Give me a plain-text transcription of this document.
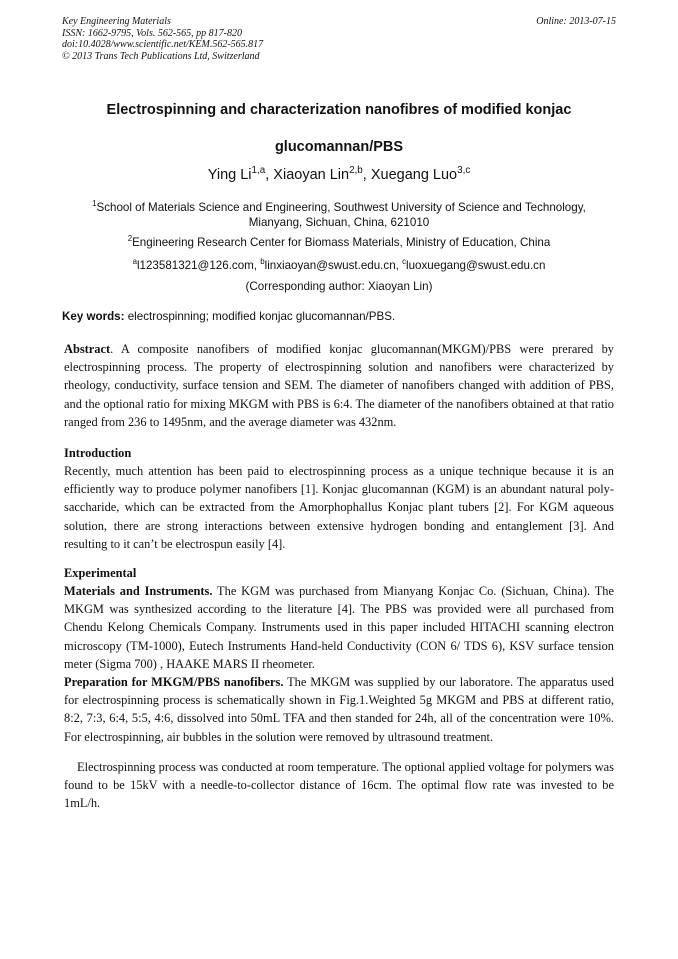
Key Engineering Materials
ISSN: 1662-9795, Vols. 562-565, pp 817-820
doi:10.4028/www.scientific.net/KEM.562-565.817
© 2013 Trans Tech Publications Ltd, Switzerland
Online: 2013-07-15
Electrospinning and characterization nanofibres of modified konjac
glucomannan/PBS
Ying Li$^{1,a}$, Xiaoyan Lin$^{2,b}$, Xuegang Luo$^{3,c}$
$^1$School of Materials Science and Engineering, Southwest University of Science and Technology,
Mianyang, Sichuan, China, 621010
$^2$Engineering Research Center for Biomass Materials, Ministry of Education, China
$^a$l123581321@126.com, $^b$linxiaoyan@swust.edu.cn, $^c$luoxuegang@swust.edu.cn
(Corresponding author: Xiaoyan Lin)
Key words: electrospinning; modified konjac glucomannan/PBS.
Abstract. A composite nanofibers of modified konjac glucomannan(MKGM)/PBS were prerared by electrospinning process. The property of electrospinning solution and nanofibers were characterized by rheology, conductivity, surface tension and SEM. The diameter of nanofibers changed with addition of PBS, and the optional ratio for mixing MKGM with PBS is 6:4. The diameter of the nanofibers obtained at that ratio ranged from 236 to 1495nm, and the average diameter was 432nm.
Introduction
Recently, much attention has been paid to electrospinning process as a unique technique because it is an efficiently way to produce polymer nanofibers [1]. Konjac glucomannan (KGM) is an abundant natural poly-saccharide, which can be extracted from the Amorphophallus Konjac plant tubers [2]. For KGM aqueous solution, there are strong interactions between extensive hydrogen bonding and entanglement [3]. And resulting to it can’t be electrospun easily [4].
Experimental
Materials and Instruments. The KGM was purchased from Mianyang Konjac Co. (Sichuan, China). The MKGM was synthesized according to the literature [4]. The PBS was provided were all purchased from Chendu Kelong Chemicals Company. Instruments used in this paper included HITACHI scanning electron microscopy (TM-1000), Eutech Instruments Hand-held Conductivity (CON 6/ TDS 6), KSV surface tension meter (Sigma 700) , HAAKE MARS II rheometer.
Preparation for MKGM/PBS nanofibers. The MKGM was supplied by our laboratore. The apparatus used for electrospinning process is schematically shown in Fig.1.Weighted 5g MKGM and PBS at different ratio, 8:2, 7:3, 6:4, 5:5, 4:6, dissolved into 50mL TFA and then standed for 24h, all of the concentration were 10%. For electrospinning, air bubbles in the solution were removed by ultrasound treatment.
Electrospinning process was conducted at room temperature. The optional applied voltage for polymers was found to be 15kV with a needle-to-collector distance of 16cm. The optimal flow rate was invested to be 1mL/h.
